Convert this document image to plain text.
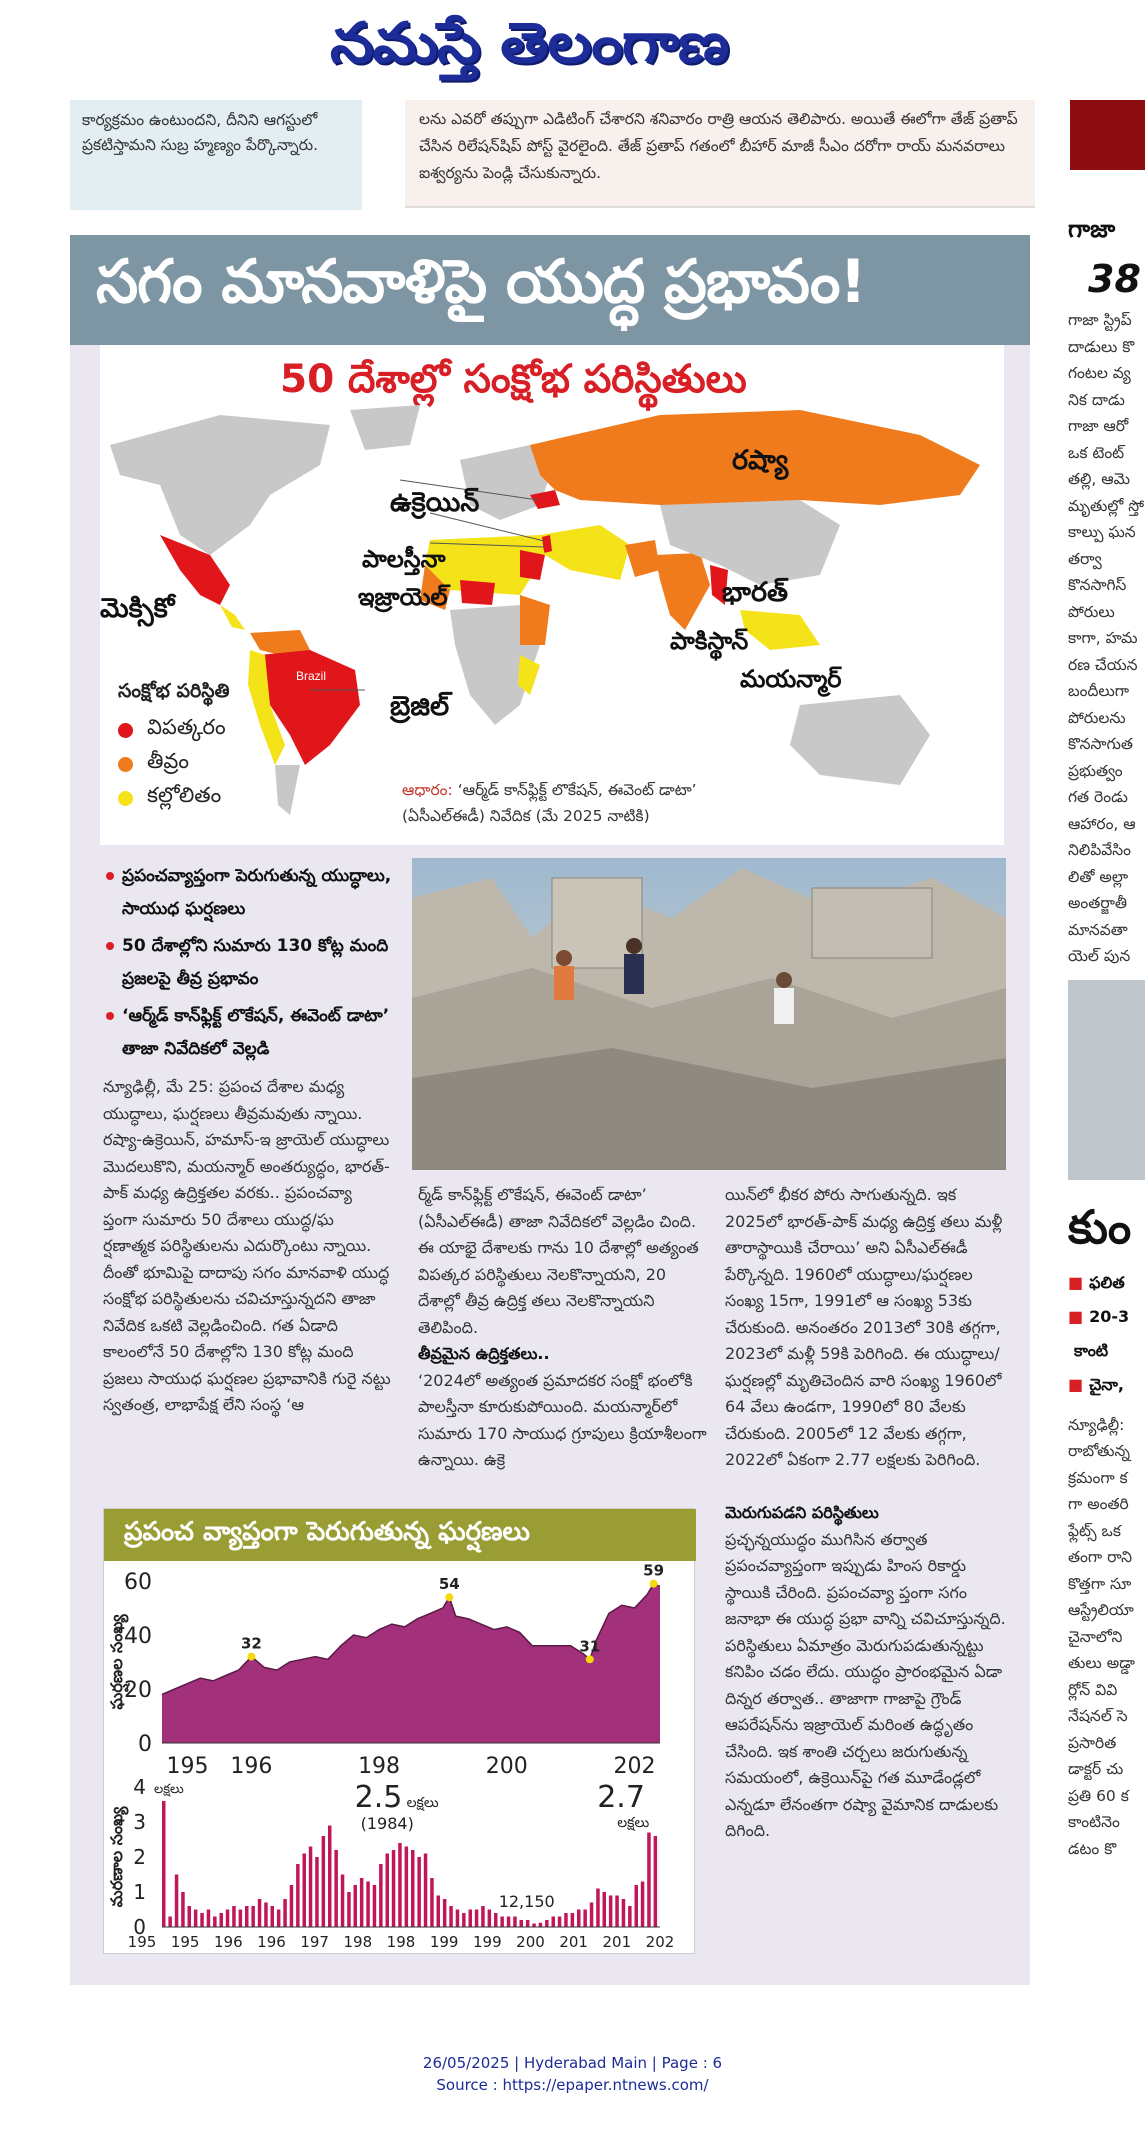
నమస్తే తెలంగాణ
కార్యక్రమం ఉంటుందని, దీనిని ఆగస్టులో ప్రకటిస్తామని సుబ్ర హ్మణ్యం పేర్కొన్నారు.
లను ఎవరో తప్పుగా ఎడిటింగ్ చేశారని శనివారం రాత్రి ఆయన తెలిపారు. అయితే ఈలోగా తేజ్ ప్రతాప్ చేసిన రిలేషన్‌షిప్ పోస్ట్ వైరలైంది. తేజ్ ప్రతాప్ గతంలో బీహార్ మాజీ సీఎం దరోగా రాయ్ మనవరాలు ఐశ్వర్యను పెండ్లి చేసుకున్నారు.
సగం మానవాళిపై యుద్ధ ప్రభావం!
50 దేశాల్లో సంక్షోభ పరిస్థితులు
Brazil
రష్యా
ఉక్రెయిన్
పాలస్తీనా
ఇజ్రాయెల్
మెక్సికో
భారత్
పాకిస్థాన్
మయన్మార్
బ్రెజిల్
సంక్షోభ పరిస్థితి
విపత్కరం
తీవ్రం
కల్లోలితం	ఆధారం: ‘ఆర్మ్‌డ్ కాన్‌ఫ్లిక్ట్ లొకేషన్, ఈవెంట్ డాటా’ (ఏసీఎల్‌ఈడీ) నివేదిక (మే 2025 నాటికి)
ప్రపంచవ్యాప్తంగా పెరుగుతున్న యుద్ధాలు, సాయుధ ఘర్షణలు
50 దేశాల్లోని సుమారు 130 కోట్ల మంది ప్రజలపై తీవ్ర ప్రభావం
‘ఆర్మ్‌డ్ కాన్‌ఫ్లిక్ట్ లొకేషన్, ఈవెంట్ డాటా’ తాజా నివేదికలో వెల్లడి
న్యూఢిల్లీ, మే 25: ప్రపంచ దేశాల మధ్య యుద్ధాలు, ఘర్షణలు తీవ్రమవుతు న్నాయి. రష్యా-ఉక్రెయిన్, హమాస్-ఇ జ్రాయెల్ యుద్ధాలు మొదలుకొని, మయన్మార్ అంతర్యుద్ధం, భారత్-పాక్ మధ్య ఉద్రిక్తతల వరకు.. ప్రపంచవ్యా ప్తంగా సుమారు 50 దేశాలు యుద్ధ/ఘ ర్షణాత్మక పరిస్థితులను ఎదుర్కొంటు న్నాయి. దీంతో భూమిపై దాదాపు సగం మానవాళి యుద్ధ సంక్షోభ పరిస్థితులను చవిచూస్తున్నదని తాజా నివేదిక ఒకటి వెల్లడించింది. గత ఏడాది కాలంలోనే 50 దేశాల్లోని 130 కోట్ల మంది ప్రజలు సాయుధ ఘర్షణల ప్రభావానికి గురై నట్టు స్వతంత్ర, లాభాపేక్ష లేని సంస్థ ‘ఆ
ర్మ్‌డ్ కాన్‌ఫ్లిక్ట్ లొకేషన్, ఈవెంట్ డాటా’ (ఏసీఎల్‌ఈడీ) తాజా నివేదికలో వెల్లడిం చింది. ఈ యాభై దేశాలకు గాను 10 దేశాల్లో అత్యంత విపత్కర పరిస్థితులు నెలకొన్నాయని, 20 దేశాల్లో తీవ్ర ఉద్రిక్త తలు నెలకొన్నాయని తెలిపింది.
తీవ్రమైన ఉద్రిక్తతలు..
‘2024లో అత్యంత ప్రమాదకర సంక్షో భంలోకి పాలస్తీనా కూరుకుపోయింది. మయన్మార్‌లో సుమారు 170 సాయుధ గ్రూపులు క్రియాశీలంగా ఉన్నాయి. ఉక్రె
యిన్‌లో భీకర పోరు సాగుతున్నది. ఇక 2025లో భారత్-పాక్ మధ్య ఉద్రిక్త తలు మళ్లీ తారాస్థాయికి చేరాయి’ అని ఏసీఎల్‌ఈడీ పేర్కొన్నది. 1960లో యుద్ధాలు/ఘర్షణల సంఖ్య 15గా, 1991లో ఆ సంఖ్య 53కు చేరుకుంది. అనంతరం 2013లో 30కి తగ్గగా, 2023లో మళ్లీ 59కి పెరిగింది. ఈ యుద్ధాలు/ఘర్షణల్లో మృతిచెందిన వారి సంఖ్య 1960లో 64 వేలు ఉండగా, 1990లో 80 వేలకు చేరుకుంది. 2005లో 12 వేలకు తగ్గగా, 2022లో ఏకంగా 2.77 లక్షలకు పెరిగింది.

మెరుగుపడని పరిస్థితులు
ప్రచ్ఛన్నయుద్ధం ముగిసిన తర్వాత ప్రపంచవ్యాప్తంగా ఇప్పుడు హింస రికార్డు స్థాయికి చేరింది. ప్రపంచవ్యా ప్తంగా సగం జనాభా ఈ యుద్ధ ప్రభా వాన్ని చవిచూస్తున్నది. పరిస్థితులు ఏమాత్రం మెరుగుపడుతున్నట్టు కనిపిం చడం లేదు. యుద్ధం ప్రారంభమైన ఏడా దిన్నర తర్వాత.. తాజాగా గాజాపై గ్రౌండ్ ఆపరేషన్‌ను ఇజ్రాయెల్ మరింత ఉద్ధృతం చేసింది. ఇక శాంతి చర్చలు జరుగుతున్న సమయంలో, ఉక్రెయిన్‌పై గత మూడేండ్లలో ఎన్నడూ లేనంతగా రష్యా వైమానిక దాడులకు దిగింది.
ప్రపంచ వ్యాప్తంగా పెరుగుతున్న ఘర్షణలు
0
20
40
60
195 196	198	200	202
32
54
31
59
ఘర్షణల సంఖ్య
0
1
2
3
4 లక్షలు
195 195 196 196 197 198 198 199 199 200 201 201 202
2.5 లక్షలు
(1984)
12,150
2.7
లక్షలు
మరణాల సంఖ్య
గాజా
38
గాజా స్ట్రిప్ దాడులు కొ గంటల వ్య నిక దాడు గాజా ఆరో ఒక టెంట్ తల్లి, ఆమె మృతుల్లో స్తో కాల్పు ఘన తర్వా కొనసాగిస్ పోరులు కాగా, హమ రణ చేయన బందీలుగా పోరులను కొనసాగుత ప్రభుత్వం గత రెండు ఆహారం, ఆ నిలిపివేసిం లితో అల్లా అంతర్జాతీ మానవతా యెల్ పున
కుం
■ ఫలిత
■ 20-3
కాంటి
■ చైనా,
న్యూఢిల్లీ: రాబోతున్న క్రమంగా క గా అంతరి ఫ్లేట్స్ ఒక తంగా రాని కొత్తగా సూ ఆస్ట్రేలియా చైనాలోని తులు అడ్డా ర్లోన్ వివి నేషనల్ సె ప్రసారిత డాక్టర్ చు ప్రతి 60 క కాంటినెం డటం కొ
26/05/2025 | Hyderabad Main | Page : 6
Source : https://epaper.ntnews.com/
